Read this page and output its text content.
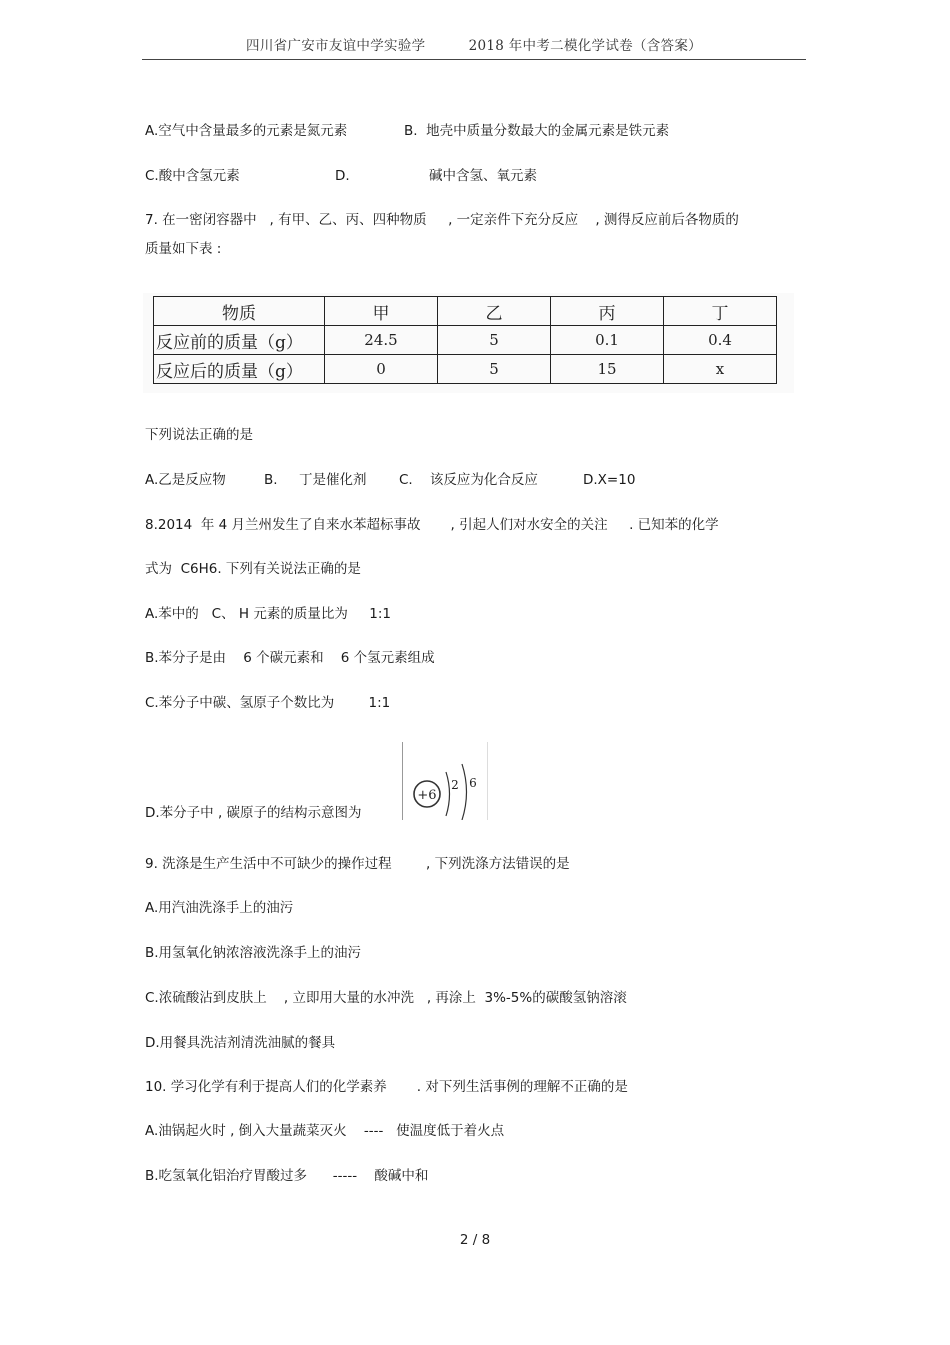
四川省广安市友谊中学实验学	2018 年中考二模化学试卷（含答案）

A.空气中含量最多的元素是氮元素

	B.  地壳中质量分数最大的金属元素是铁元素

C.酸中含氢元素

	D.

	碱中含氢、氧元素

7. 在一密闭容器中   , 有甲、乙、丙、四种物质     , 一定亲件下充分反应    , 测得反应前后各物质的
质量如下表 :
物质	甲	乙	丙	丁
反应前的质量（g）	24.5	5	0.1	0.4
反应后的质量（g）	0	5	15	x
下列说法正确的是

A.乙是反应物

	B.     丁是催化剂

C.    该反应为化合反应

	D.X=10

8.2014  年 4 月兰州发生了自来水苯超标事故       , 引起人们对水安全的关注     . 已知苯的化学
式为  C6H6. 下列有关说法正确的是
A.苯中的   C、 H 元素的质量比为     1:1
B.苯分子是由    6 个碳元素和    6 个氢元素组成
C.苯分子中碳、氢原子个数比为        1:1
D.苯分子中 , 碳原子的结构示意图为
+6
2 6
9. 洗涤是生产生活中不可缺少的操作过程        , 下列洗涤方法错误的是
A.用汽油洗涤手上的油污
B.用氢氧化钠浓溶液洗涤手上的油污
C.浓硫酸沾到皮肤上    , 立即用大量的水冲洗   , 再涂上  3%-5%的碳酸氢钠溶滚
D.用餐具洗洁剂清洗油腻的餐具
10. 学习化学有利于提高人们的化学素养       . 对下列生活事例的理解不正确的是
A.油锅起火时 , 倒入大量蔬菜灭火    ----   使温度低于着火点
B.吃氢氧化铝治疗胃酸过多      -----    酸碱中和
2 / 8
